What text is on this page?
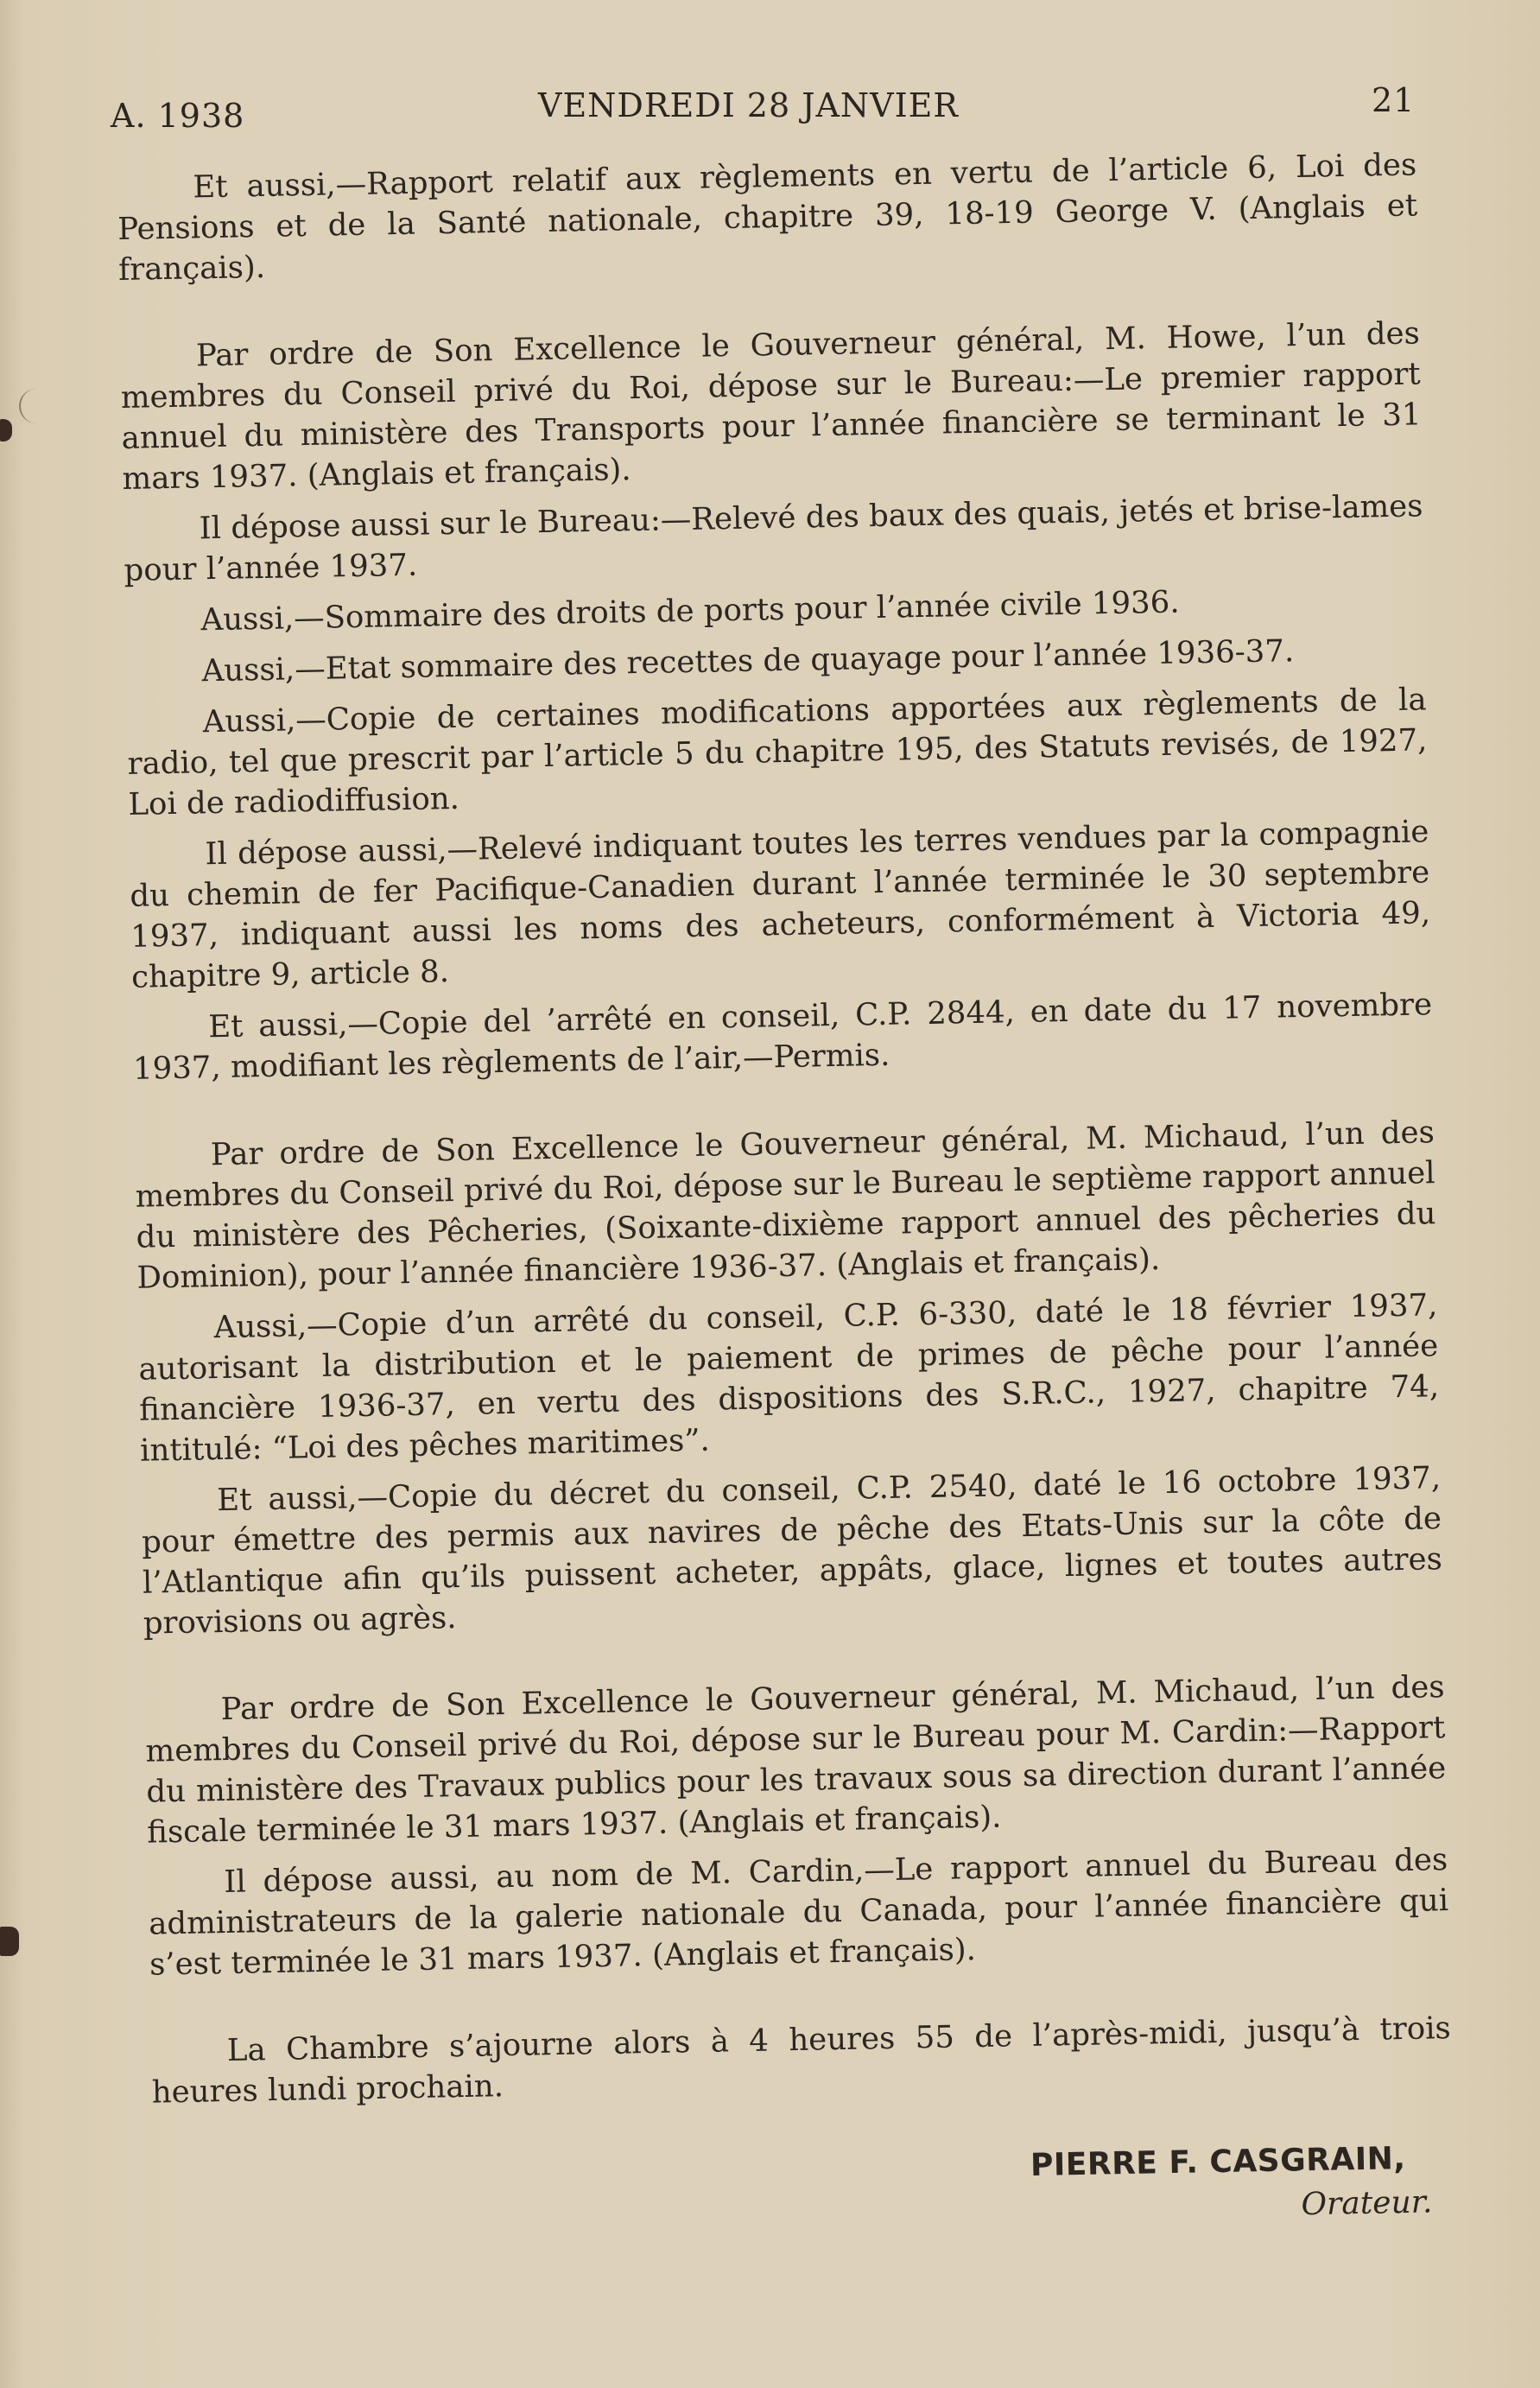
A. 1938	VENDREDI 28 JANVIER	21

Et aussi,—Rapport relatif aux règlements en vertu de l’article 6, Loi des Pensions et de la Santé nationale, chapitre 39, 18-19 George V. (Anglais et français).

Par ordre de Son Excellence le Gouverneur général, M. Howe, l’un des membres du Conseil privé du Roi, dépose sur le Bureau:—Le premier rapport annuel du ministère des Transports pour l’année financière se terminant le 31 mars 1937. (Anglais et français).

Il dépose aussi sur le Bureau:—Relevé des baux des quais, jetés et brise-lames pour l’année 1937.

Aussi,—Sommaire des droits de ports pour l’année civile 1936.

Aussi,—Etat sommaire des recettes de quayage pour l’année 1936-37.

Aussi,—Copie de certaines modifications apportées aux règlements de la radio, tel que prescrit par l’article 5 du chapitre 195, des Statuts revisés, de 1927, Loi de radiodiffusion.

Il dépose aussi,—Relevé indiquant toutes les terres vendues par la compagnie du chemin de fer Pacifique-Canadien durant l’année terminée le 30 septembre 1937, indiquant aussi les noms des acheteurs, conformément à Victoria 49, chapitre 9, article 8.

Et aussi,—Copie del ’arrêté en conseil, C.P. 2844, en date du 17 novembre 1937, modifiant les règlements de l’air,—Permis.

Par ordre de Son Excellence le Gouverneur général, M. Michaud, l’un des membres du Conseil privé du Roi, dépose sur le Bureau le septième rapport annuel du ministère des Pêcheries, (Soixante-dixième rapport annuel des pêcheries du Dominion), pour l’année financière 1936-37. (Anglais et français).

Aussi,—Copie d’un arrêté du conseil, C.P. 6-330, daté le 18 février 1937, autorisant la distribution et le paiement de primes de pêche pour l’année financière 1936-37, en vertu des dispositions des S.R.C., 1927, chapitre 74, intitulé: “Loi des pêches maritimes”.

Et aussi,—Copie du décret du conseil, C.P. 2540, daté le 16 octobre 1937, pour émettre des permis aux navires de pêche des Etats-Unis sur la côte de l’Atlantique afin qu’ils puissent acheter, appâts, glace, lignes et toutes autres provisions ou agrès.

Par ordre de Son Excellence le Gouverneur général, M. Michaud, l’un des membres du Conseil privé du Roi, dépose sur le Bureau pour M. Cardin:—Rapport du ministère des Travaux publics pour les travaux sous sa direction durant l’année fiscale terminée le 31 mars 1937. (Anglais et français).

Il dépose aussi, au nom de M. Cardin,—Le rapport annuel du Bureau des administrateurs de la galerie nationale du Canada, pour l’année financière qui s’est terminée le 31 mars 1937. (Anglais et français).

La Chambre s’ajourne alors à 4 heures 55 de l’après-midi, jusqu’à trois heures lundi prochain.

PIERRE F. CASGRAIN,
Orateur.
